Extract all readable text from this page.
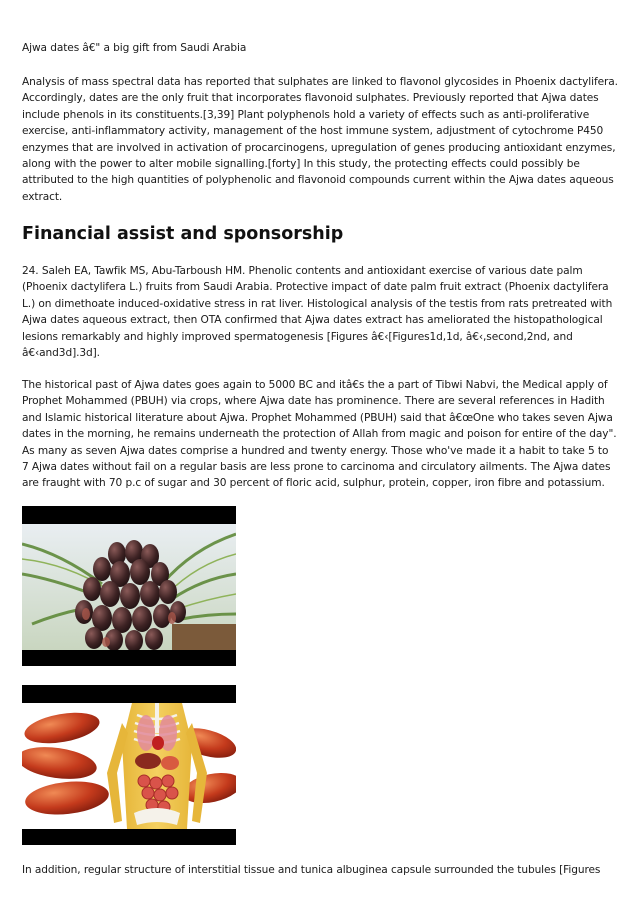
Ajwa dates â€" a big gift from Saudi Arabia

Analysis of mass spectral data has reported that sulphates are linked to flavonol glycosides in Phoenix dactylifera. Accordingly, dates are the only fruit that incorporates flavonoid sulphates. Previously reported that Ajwa dates include phenols in its constituents.[3,39] Plant polyphenols hold a variety of effects such as anti-proliferative exercise, anti-inflammatory activity, management of the host immune system, adjustment of cytochrome P450 enzymes that are involved in activation of procarcinogens, upregulation of genes producing antioxidant enzymes, along with the power to alter mobile signalling.[forty] In this study, the protecting effects could possibly be attributed to the high quantities of polyphenolic and flavonoid compounds current within the Ajwa dates aqueous extract.

Financial assist and sponsorship

24. Saleh EA, Tawfik MS, Abu-Tarboush HM. Phenolic contents and antioxidant exercise of various date palm (Phoenix dactylifera L.) fruits from Saudi Arabia. Protective impact of date palm fruit extract (Phoenix dactylifera L.) on dimethoate induced-oxidative stress in rat liver. Histological analysis of the testis from rats pretreated with Ajwa dates aqueous extract, then OTA confirmed that Ajwa dates extract has ameliorated the histopathological lesions remarkably and highly improved spermatogenesis [Figures â€‹[Figures1d,1d, â€‹,second,2nd, and â€‹and3d].3d].

The historical past of Ajwa dates goes again to 5000 BC and itâ€s the a part of Tibwi Nabvi, the Medical apply of Prophet Mohammed (PBUH) via crops, where Ajwa date has prominence. There are several references in Hadith and Islamic historical literature about Ajwa. Prophet Mohammed (PBUH) said that â€œOne who takes seven Ajwa dates in the morning, he remains underneath the protection of Allah from magic and poison for entire of the day". As many as seven Ajwa dates comprise a hundred and twenty energy. Those who've made it a habit to take 5 to 7 Ajwa dates without fail on a regular basis are less prone to carcinoma and circulatory ailments. The Ajwa dates are fraught with 70 p.c of sugar and 30 percent of floric acid, sulphur, protein, copper, iron fibre and potassium.

In addition, regular structure of interstitial tissue and tunica albuginea capsule surrounded the tubules [Figures
